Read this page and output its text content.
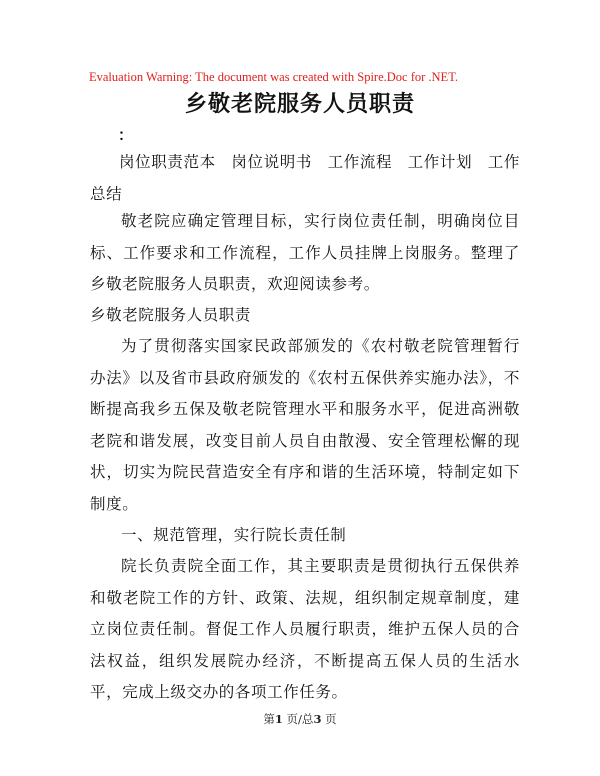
Evaluation Warning: The document was created with Spire.Doc for .NET.
乡敬老院服务人员职责
：
岗位职责范本 岗位说明书 工作流程 工作计划 工作总结
敬老院应确定管理目标，实行岗位责任制，明确岗位目标、工作要求和工作流程，工作人员挂牌上岗服务。整理了乡敬老院服务人员职责，欢迎阅读参考。
乡敬老院服务人员职责
为了贯彻落实国家民政部颁发的《农村敬老院管理暂行办法》以及省市县政府颁发的《农村五保供养实施办法》，不断提高我乡五保及敬老院管理水平和服务水平，促进高洲敬老院和谐发展，改变目前人员自由散漫、安全管理松懈的现状，切实为院民营造安全有序和谐的生活环境，特制定如下制度。
一、规范管理，实行院长责任制
院长负责院全面工作，其主要职责是贯彻执行五保供养和敬老院工作的方针、政策、法规，组织制定规章制度，建立岗位责任制。督促工作人员履行职责，维护五保人员的合法权益，组织发展院办经济，不断提高五保人员的生活水平，完成上级交办的各项工作任务。
第1 页/总3 页
